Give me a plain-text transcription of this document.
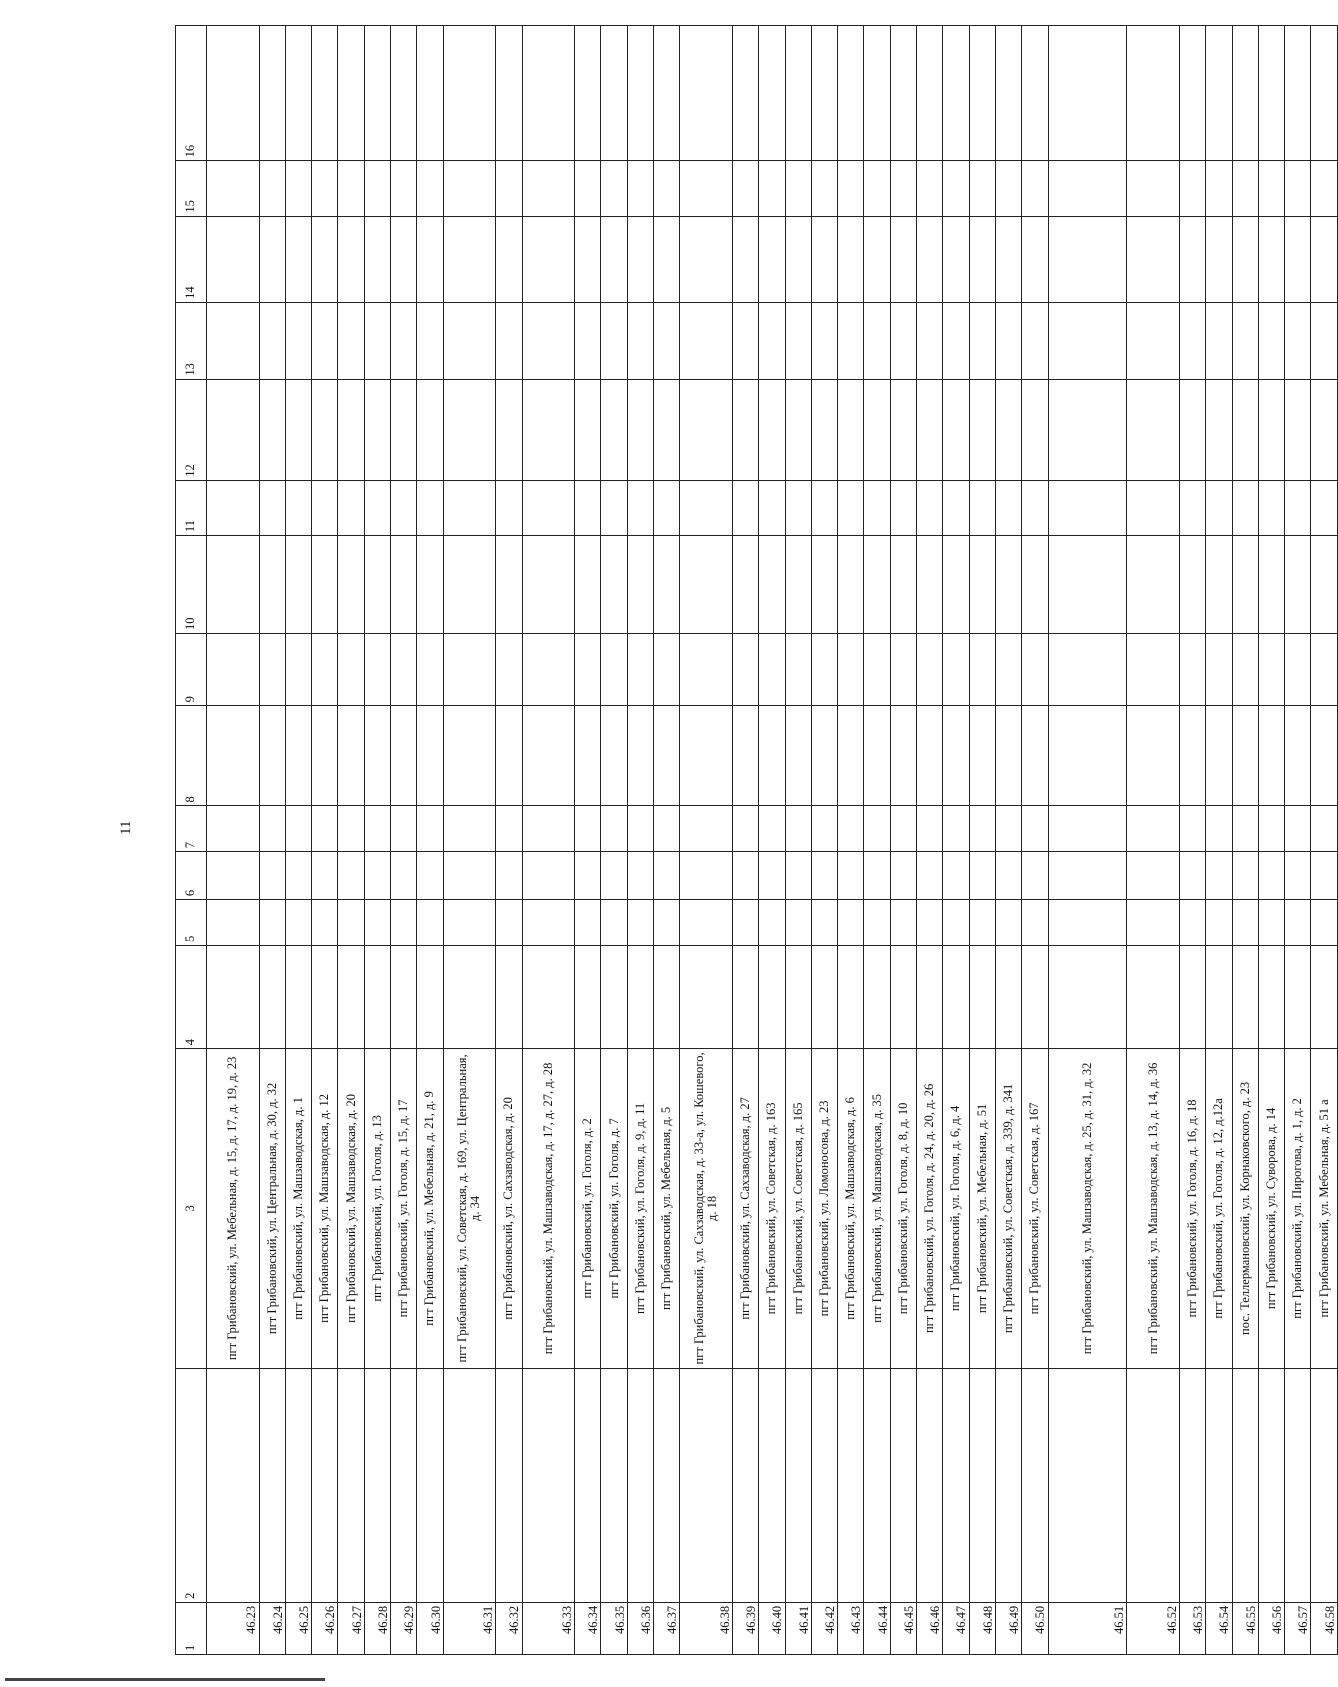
11
1	2	3	4	5	6	7	8	9	10	11	12	13	14	15	16
46.23		пгт Грибановский, ул. Мебельная, д. 15, д. 17, д. 19, д. 23													
46.24		пгт Грибановский, ул. Центральная, д. 30, д. 32													
46.25		пгт Грибановский, ул. Машзаводская, д. 1													
46.26		пгт Грибановский, ул. Машзаводская, д. 12													
46.27		пгт Грибановский, ул. Машзаводская, д. 20													
46.28		пгт Грибановский, ул. Гоголя, д. 13													
46.29		пгт Грибановский, ул. Гоголя, д. 15, д. 17													
46.30		пгт Грибановский, ул. Мебельная, д. 21, д. 9													
46.31		пгт Грибановский, ул. Советская, д. 169, ул. Центральная, д. 34													
46.32		пгт Грибановский, ул. Сахзаводская, д. 20													
46.33		пгт Грибановский, ул. Машзаводская, д. 17, д. 27, д. 28													
46.34		пгт Грибановский, ул. Гоголя, д. 2													
46.35		пгт Грибановский, ул. Гоголя, д. 7													
46.36		пгт Грибановский, ул. Гоголя, д. 9, д. 11													
46.37		пгт Грибановский, ул. Мебельная, д. 5													
46.38		пгт Грибановский, ул. Сахзаводская, д. 33-а, ул. Кошевого, д. 18													
46.39		пгт Грибановский, ул. Сахзаводская, д. 27													
46.40		пгт Грибановский, ул. Советская, д. 163													
46.41		пгт Грибановский, ул. Советская, д. 165													
46.42		пгт Грибановский, ул. Ломоносова, д. 23													
46.43		пгт Грибановский, ул. Машзаводская, д. 6													
46.44		пгт Грибановский, ул. Машзаводская, д. 35													
46.45		пгт Грибановский, ул. Гоголя, д. 8, д. 10													
46.46		пгт Грибановский, ул. Гоголя, д. 24, д. 20, д. 26													
46.47		пгт Грибановский, ул. Гоголя, д. 6, д. 4													
46.48		пгт Грибановский, ул. Мебельная, д. 51													
46.49		пгт Грибановский, ул. Советская, д. 339, д. 341													
46.50		пгт Грибановский, ул. Советская, д. 167													
46.51		пгт Грибановский, ул. Машзаводская, д. 25, д. 31, д. 32													
46.52		пгт Грибановский, ул. Машзаводская, д. 13, д. 14, д. 36													
46.53		пгт Грибановский, ул. Гоголя, д. 16, д. 18													
46.54		пгт Грибановский, ул. Гоголя, д. 12, д.12а													
46.55		пос. Теллермановский, ул. Корнаковского, д. 23													
46.56		пгт Грибановский, ул. Суворова, д. 14													
46.57		пгт Грибановский, ул. Пирогова, д. 1, д. 2													
46.58		пгт Грибановский, ул. Мебельная, д. 51 а													
